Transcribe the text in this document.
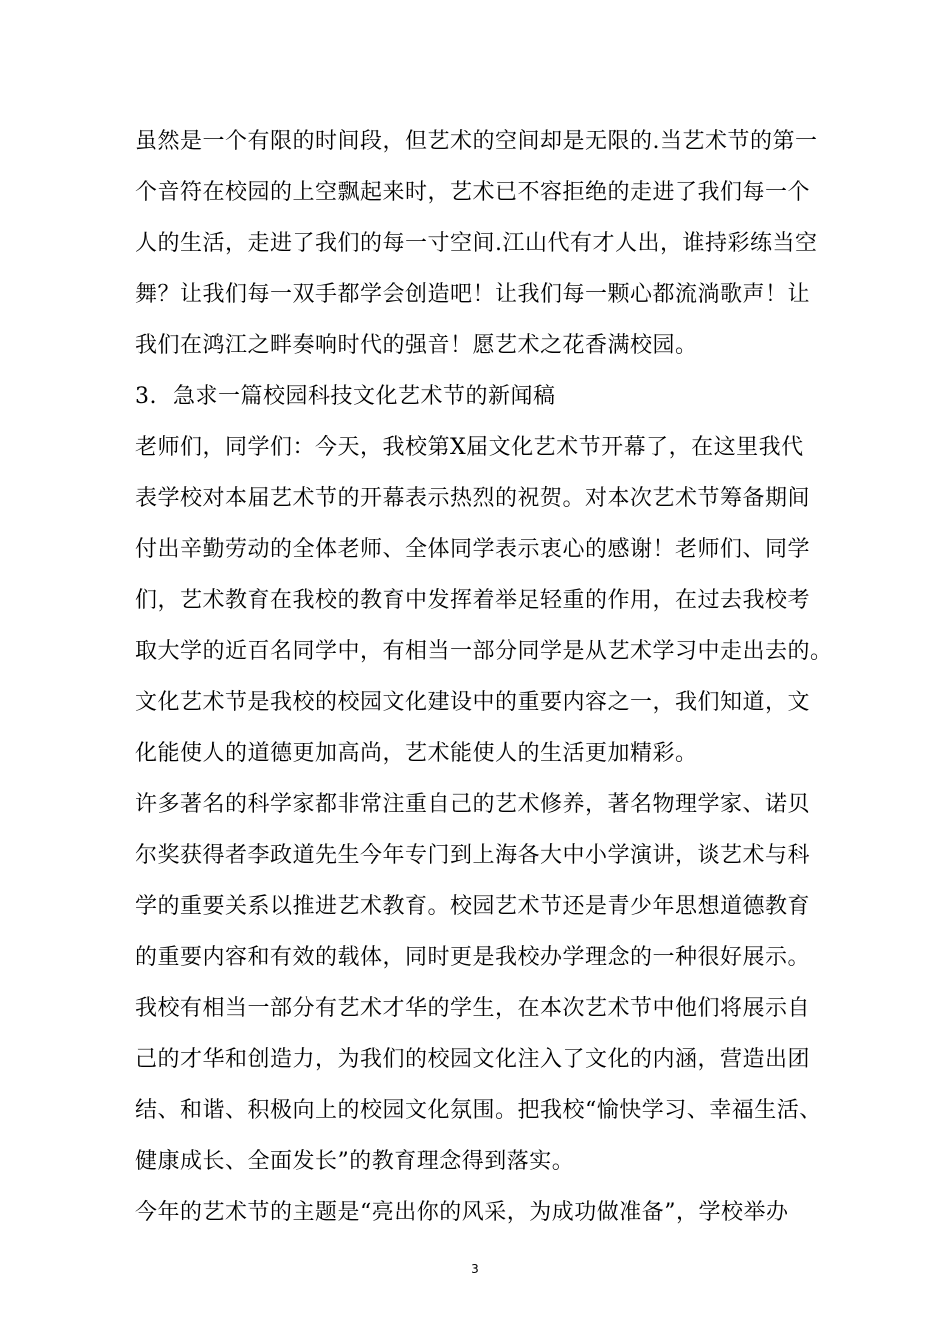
虽然是一个有限的时间段，但艺术的空间却是无限的.当艺术节的第一
个音符在校园的上空飘起来时，艺术已不容拒绝的走进了我们每一个
人的生活，走进了我们的每一寸空间.江山代有才人出，谁持彩练当空
舞？让我们每一双手都学会创造吧！让我们每一颗心都流淌歌声！让
我们在鸿江之畔奏响时代的强音！愿艺术之花香满校园。
3. 急求一篇校园科技文化艺术节的新闻稿
老师们，同学们：今天，我校第X届文化艺术节开幕了，在这里我代
表学校对本届艺术节的开幕表示热烈的祝贺。对本次艺术节筹备期间
付出辛勤劳动的全体老师、全体同学表示衷心的感谢！老师们、同学
们，艺术教育在我校的教育中发挥着举足轻重的作用，在过去我校考
取大学的近百名同学中，有相当一部分同学是从艺术学习中走出去的。
文化艺术节是我校的校园文化建设中的重要内容之一，我们知道，文
化能使人的道德更加高尚，艺术能使人的生活更加精彩。
许多著名的科学家都非常注重自己的艺术修养，著名物理学家、诺贝
尔奖获得者李政道先生今年专门到上海各大中小学演讲，谈艺术与科
学的重要关系以推进艺术教育。校园艺术节还是青少年思想道德教育
的重要内容和有效的载体，同时更是我校办学理念的一种很好展示。
我校有相当一部分有艺术才华的学生，在本次艺术节中他们将展示自
己的才华和创造力，为我们的校园文化注入了文化的内涵，营造出团
结、和谐、积极向上的校园文化氛围。把我校“愉快学习、幸福生活、
健康成长、全面发长”的教育理念得到落实。
今年的艺术节的主题是“亮出你的风采，为成功做准备”，学校举办
3
